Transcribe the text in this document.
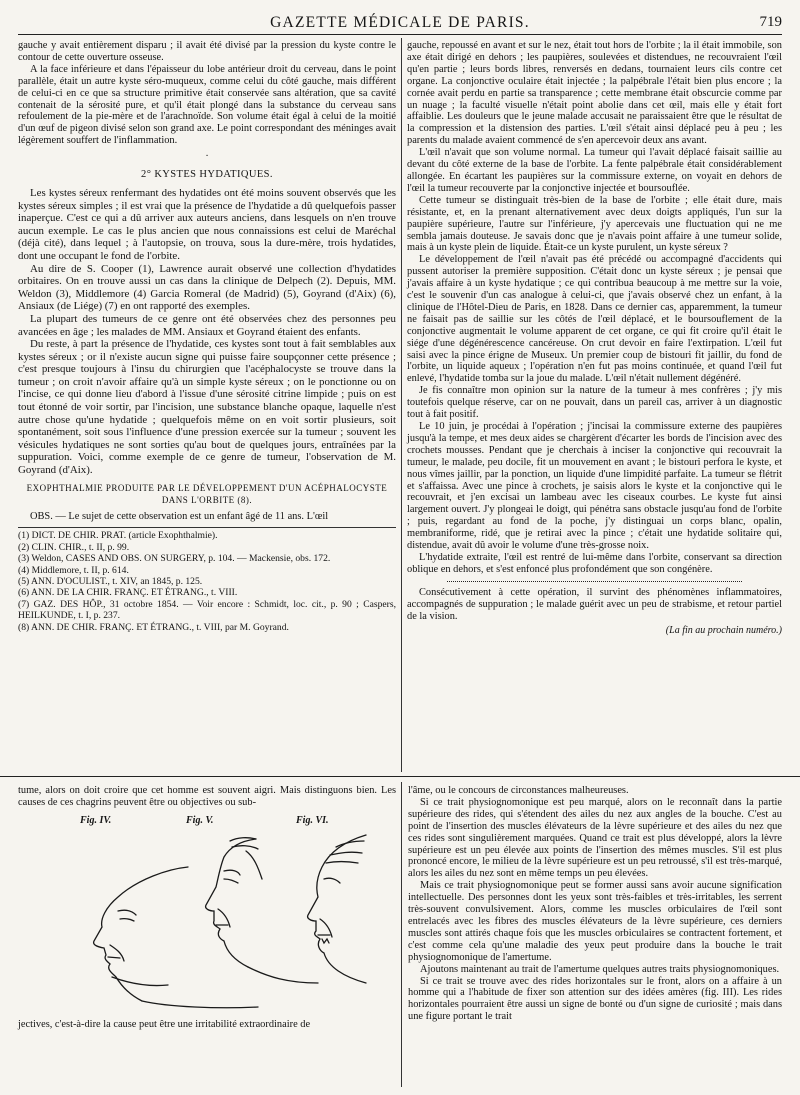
GAZETTE MÉDICALE DE PARIS.	719

gauche y avait entièrement disparu ; il avait été divisé par la pression du kyste contre le contour de cette ouverture osseuse.

A la face inférieure et dans l'épaisseur du lobe antérieur droit du cerveau, dans le point parallèle, était un autre kyste séro-muqueux, comme celui du côté gauche, mais différent de celui-ci en ce que sa structure primitive était conservée sans altération, que sa cavité contenait de la sérosité pure, et qu'il était plongé dans la substance du cerveau sans refoulement de la pie-mère et de l'arachnoïde. Son volume était égal à celui de la moitié d'un œuf de pigeon divisé selon son grand axe. Le point correspondant des méninges avait légèrement souffert de l'inflammation.

·
2° KYSTES HYDATIQUES.

Les kystes séreux renfermant des hydatides ont été moins souvent observés que les kystes séreux simples ; il est vrai que la présence de l'hydatide a dû quelquefois passer inaperçue. C'est ce qui a dû arriver aux auteurs anciens, dans lesquels on n'en trouve aucun exemple. Le cas le plus ancien que nous connaissions est celui de Maréchal (déjà cité), dans lequel ; à l'autopsie, on trouva, sous la dure-mère, trois hydatides, dont une occupant le fond de l'orbite.

Au dire de S. Cooper (1), Lawrence aurait observé une collection d'hydatides orbitaires. On en trouve aussi un cas dans la clinique de Delpech (2). Depuis, MM. Weldon (3), Middlemore (4) Garcia Romeral (de Madrid) (5), Goyrand (d'Aix) (6), Ansiaux (de Liége) (7) en ont rapporté des exemples.

La plupart des tumeurs de ce genre ont été observées chez des personnes peu avancées en âge ; les malades de MM. Ansiaux et Goyrand étaient des enfants.

Du reste, à part la présence de l'hydatide, ces kystes sont tout à fait semblables aux kystes séreux ; or il n'existe aucun signe qui puisse faire soupçonner cette présence ; c'est presque toujours à l'insu du chirurgien que l'acéphalocyste se trouve dans la tumeur ; on croit n'avoir affaire qu'à un simple kyste séreux ; on le ponctionne ou on l'incise, ce qui donne lieu d'abord à l'issue d'une sérosité citrine limpide ; puis on est tout étonné de voir sortir, par l'incision, une substance blanche opaque, laquelle n'est autre chose qu'une hydatide ; quelquefois même on en voit sortir plusieurs, soit spontanément, soit sous l'influence d'une pression exercée sur la tumeur ; souvent les vésicules hydatiques ne sont sorties qu'au bout de quelques jours, entraînées par la suppuration. Voici, comme exemple de ce genre de tumeur, l'observation de M. Goyrand (d'Aix).

EXOPHTHALMIE PRODUITE PAR LE DÉVELOPPEMENT D'UN ACÉPHALOCYSTE DANS L'ORBITE (8).

OBS. — Le sujet de cette observation est un enfant âgé de 11 ans. L'œil

(1) DICT. DE CHIR. PRAT. (article Exophthalmie).
(2) CLIN. CHIR., t. II, p. 99.
(3) Weldon, CASES AND OBS. ON SURGERY, p. 104. — Mackensie, obs. 172.
(4) Middlemore, t. II, p. 614.
(5) ANN. D'OCULIST., t. XIV, an 1845, p. 125.
(6) ANN. DE LA CHIR. FRANÇ. ET ÉTRANG., t. VIII.
(7) GAZ. DES HÔP., 31 octobre 1854. — Voir encore : Schmidt, loc. cit., p. 90 ; Caspers, HEILKUNDE, t. I, p. 237.
(8) ANN. DE CHIR. FRANÇ. ET ÉTRANG., t. VIII, par M. Goyrand.

gauche, repoussé en avant et sur le nez, était tout hors de l'orbite ; la il était immobile, son axe était dirigé en dehors ; les paupières, soulevées et distendues, ne recouvraient l'œil qu'en partie ; leurs bords libres, renversés en dedans, tournaient leurs cils contre cet organe. La conjonctive oculaire était injectée ; la palpébrale l'était bien plus encore ; la cornée avait perdu en partie sa transparence ; cette membrane était obscurcie comme par un nuage ; la faculté visuelle n'était point abolie dans cet œil, mais elle y était fort affaiblie. Les douleurs que le jeune malade accusait ne paraissaient être que le résultat de la compression et la distension des parties. L'œil s'était ainsi déplacé peu à peu ; les parents du malade avaient commencé de s'en apercevoir deux ans avant.

L'œil n'avait que son volume normal. La tumeur qui l'avait déplacé faisait saillie au devant du côté externe de la base de l'orbite. La fente palpébrale était considérablement allongée. En écartant les paupières sur la commissure externe, on voyait en dehors de l'œil la tumeur recouverte par la conjonctive injectée et boursouflée.

Cette tumeur se distinguait très-bien de la base de l'orbite ; elle était dure, mais résistante, et, en la prenant alternativement avec deux doigts appliqués, l'un sur la paupière supérieure, l'autre sur l'inférieure, j'y apercevais une fluctuation qui ne me sembla jamais douteuse. Je savais donc que je n'avais point affaire à une tumeur solide, mais à un kyste plein de liquide. Était-ce un kyste purulent, un kyste séreux ?

Le développement de l'œil n'avait pas été précédé ou accompagné d'accidents qui pussent autoriser la première supposition. C'était donc un kyste séreux ; je pensai que j'avais affaire à un kyste hydatique ; ce qui contribua beaucoup à me mettre sur la voie, c'est le souvenir d'un cas analogue à celui-ci, que j'avais observé chez un enfant, à la clinique de l'Hôtel-Dieu de Paris, en 1828. Dans ce dernier cas, apparemment, la tumeur ne faisait pas de saillie sur les côtés de l'œil déplacé, et le boursouflement de la conjonctive augmentait le volume apparent de cet organe, ce qui fit croire qu'il était le siége d'une dégénérescence cancéreuse. On crut devoir en faire l'extirpation. L'œil fut saisi avec la pince érigne de Museux. Un premier coup de bistouri fit jaillir, du fond de l'orbite, un liquide aqueux ; l'opération n'en fut pas moins continuée, et quand l'œil fut enlevé, l'hydatide tomba sur la joue du malade. L'œil n'était nullement dégénéré.

Je fis connaître mon opinion sur la nature de la tumeur à mes confrères ; j'y mis toutefois quelque réserve, car on ne pouvait, dans un pareil cas, arriver à un diagnostic tout à fait positif.

Le 10 juin, je procédai à l'opération ; j'incisai la commissure externe des paupières jusqu'à la tempe, et mes deux aides se chargèrent d'écarter les bords de l'incision avec des crochets mousses. Pendant que je cherchais à inciser la conjonctive qui recouvrait la tumeur, le malade, peu docile, fit un mouvement en avant ; le bistouri perfora le kyste, et nous vîmes jaillir, par la ponction, un liquide d'une limpidité parfaite. La tumeur se flétrit et s'affaissa. Avec une pince à crochets, je saisis alors le kyste et la conjonctive qui le recouvrait, et j'en excisai un lambeau avec les ciseaux courbes. Le kyste fut ainsi largement ouvert. J'y plongeai le doigt, qui pénétra sans obstacle jusqu'au fond de l'orbite ; puis, regardant au fond de la poche, j'y distinguai un corps blanc, opalin, membraniforme, ridé, que je retirai avec la pince ; c'était une hydatide solitaire qui, distendue, avait dû avoir le volume d'une très-grosse noix.

L'hydatide extraite, l'œil est rentré de lui-même dans l'orbite, conservant sa direction oblique en dehors, et s'est enfoncé plus profondément que son congénère.

Consécutivement à cette opération, il survint des phénomènes inflammatoires, accompagnés de suppuration ; le malade guérit avec un peu de strabisme, et retour partiel de la vision.

(La fin au prochain numéro.)

tume, alors on doit croire que cet homme est souvent aigri. Mais distinguons bien. Les causes de ces chagrins peuvent être ou objectives ou sub-

Fig. IV.	Fig. V.	Fig. VI.

jectives, c'est-à-dire la cause peut être une irritabilité extraordinaire de

l'âme, ou le concours de circonstances malheureuses.

Si ce trait physiognomonique est peu marqué, alors on le reconnaît dans la partie supérieure des rides, qui s'étendent des ailes du nez aux angles de la bouche. C'est au point de l'insertion des muscles élévateurs de la lèvre supérieure et des ailes du nez que ces rides sont singulièrement marquées. Quand ce trait est plus développé, alors la lèvre supérieure est un peu élevée aux points de l'insertion des mêmes muscles. S'il est plus prononcé encore, le milieu de la lèvre supérieure est un peu retroussé, s'il est très-marqué, alors les ailes du nez sont en même temps un peu élevées.

Mais ce trait physiognomonique peut se former aussi sans avoir aucune signification intellectuelle. Des personnes dont les yeux sont très-faibles et très-irritables, les serrent très-souvent convulsivement. Alors, comme les muscles orbiculaires de l'œil sont entrelacés avec les fibres des muscles élévateurs de la lèvre supérieure, ces derniers muscles sont attirés chaque fois que les muscles orbiculaires se contractent fortement, et c'est comme cela qu'une maladie des yeux peut produire dans la bouche le trait physiognomonique de l'amertume.

Ajoutons maintenant au trait de l'amertume quelques autres traits physiognomoniques.

Si ce trait se trouve avec des rides horizontales sur le front, alors on a affaire à un homme qui a l'habitude de fixer son attention sur des idées amères (fig. III). Les rides horizontales pourraient être aussi un signe de bonté ou d'un signe de curiosité ; mais dans une figure portant le trait
